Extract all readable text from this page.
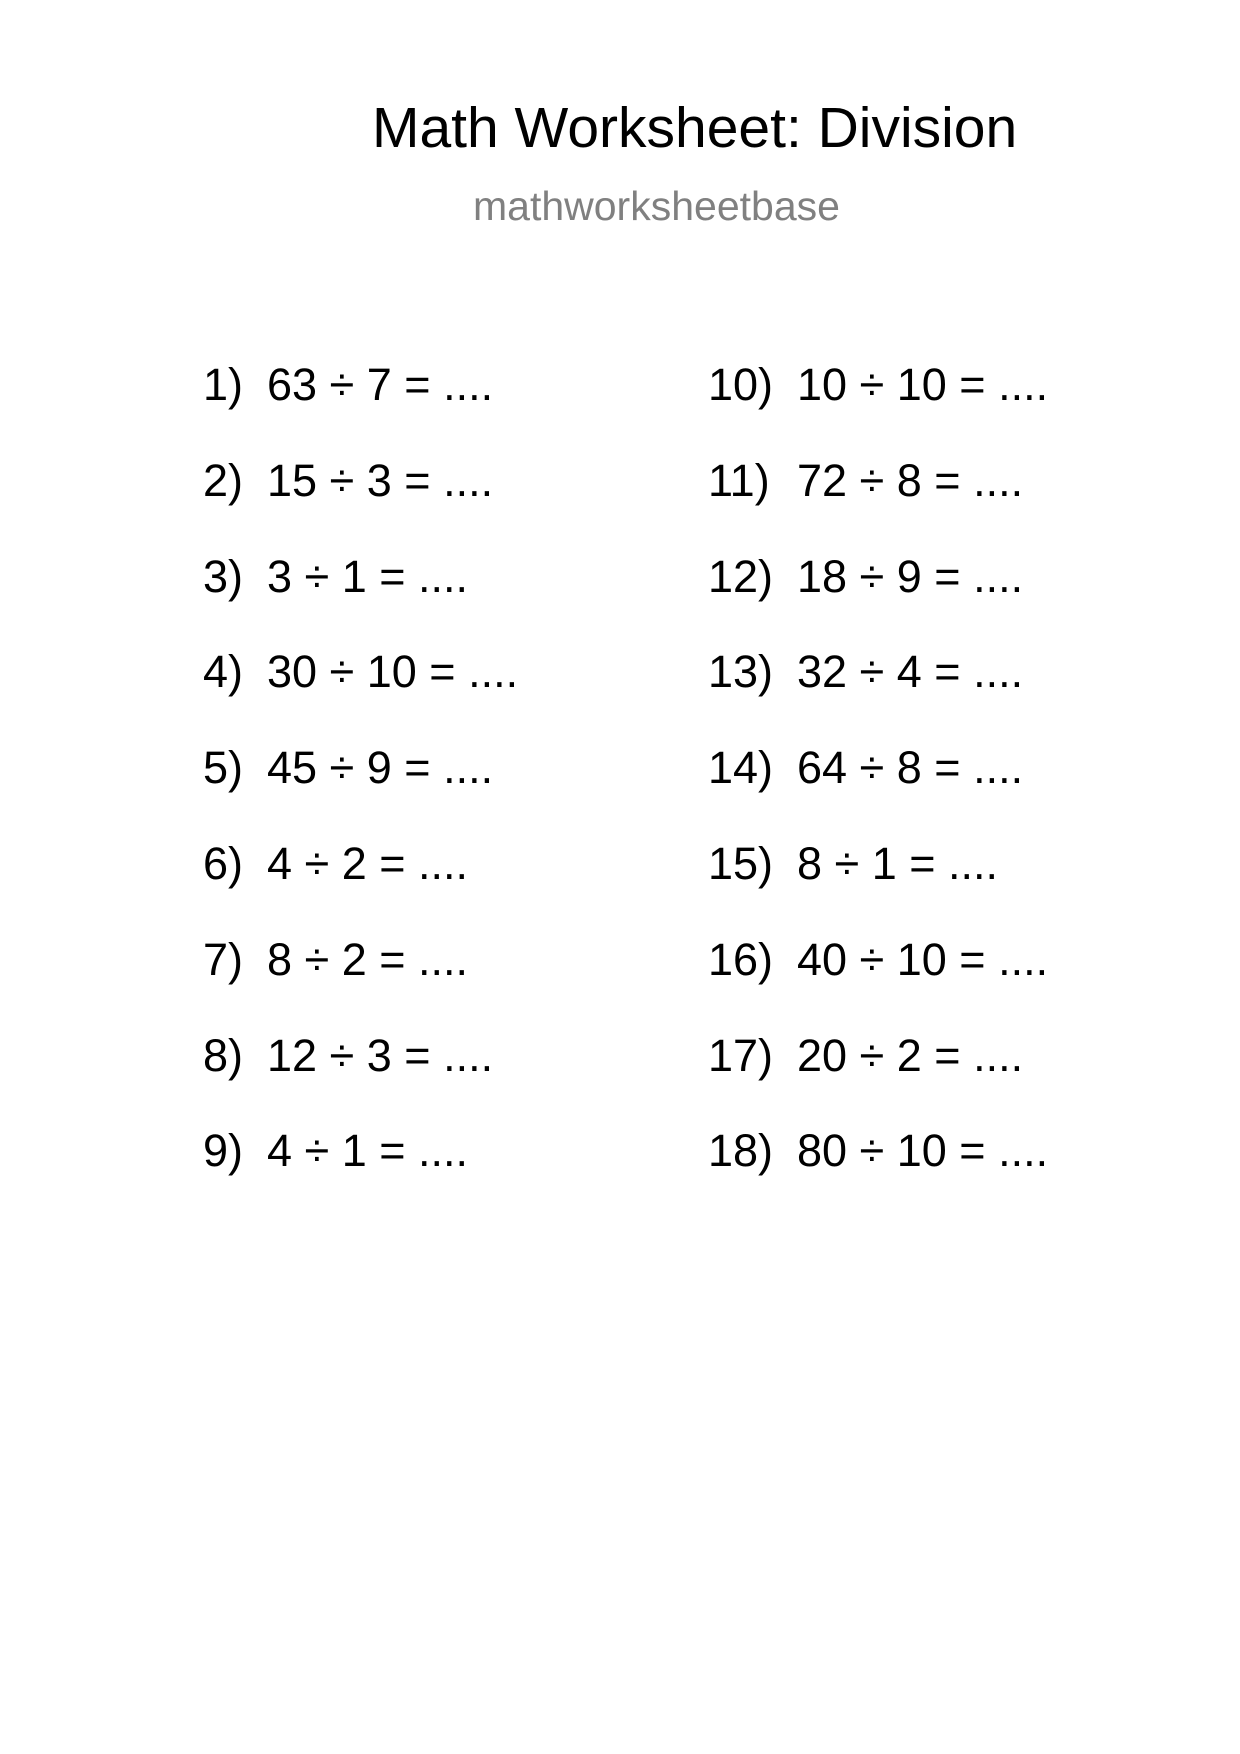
Math Worksheet: Division
mathworksheetbase
1) 63 ÷ 7 = ....
2) 15 ÷ 3 = ....
3) 3 ÷ 1 = ....
4) 30 ÷ 10 = ....
5) 45 ÷ 9 = ....
6) 4 ÷ 2 = ....
7) 8 ÷ 2 = ....
8) 12 ÷ 3 = ....
9) 4 ÷ 1 = ....
10) 10 ÷ 10 = ....
11) 72 ÷ 8 = ....
12) 18 ÷ 9 = ....
13) 32 ÷ 4 = ....
14) 64 ÷ 8 = ....
15) 8 ÷ 1 = ....
16) 40 ÷ 10 = ....
17) 20 ÷ 2 = ....
18) 80 ÷ 10 = ....
